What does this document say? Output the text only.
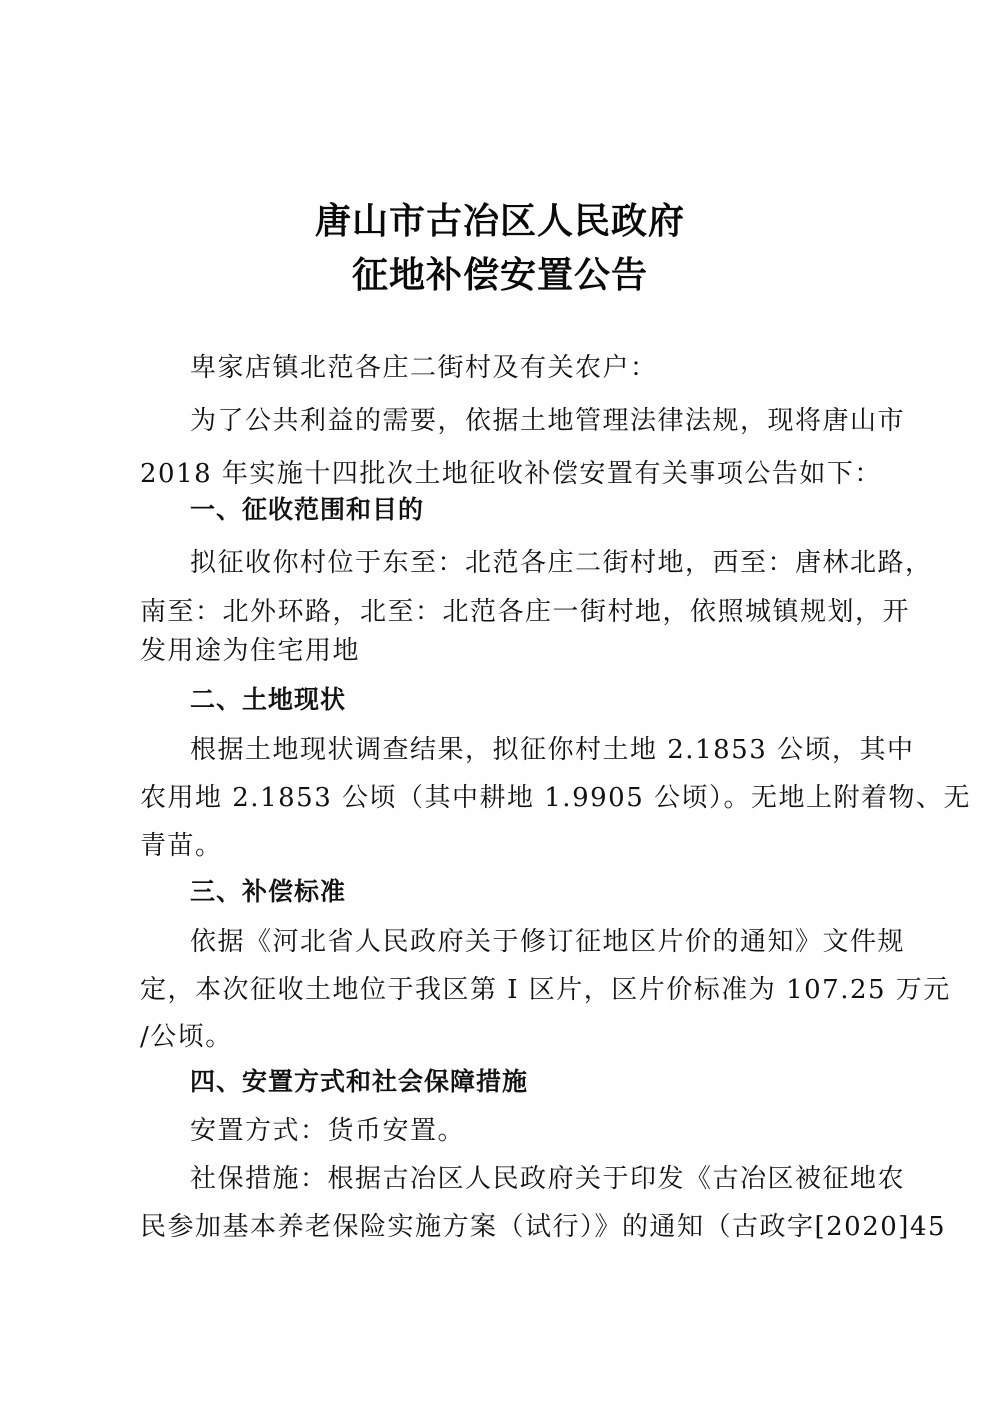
唐山市古冶区人民政府
征地补偿安置公告
卑家店镇北范各庄二街村及有关农户：
为了公共利益的需要，依据土地管理法律法规，现将唐山市
2018 年实施十四批次土地征收补偿安置有关事项公告如下：
一、征收范围和目的
拟征收你村位于东至：北范各庄二街村地，西至：唐林北路，
南至：北外环路，北至：北范各庄一街村地，依照城镇规划，开
发用途为住宅用地
二、土地现状
根据土地现状调查结果，拟征你村土地 2.1853 公顷，其中
农用地 2.1853 公顷（其中耕地 1.9905 公顷）。无地上附着物、无
青苗。
三、补偿标准
依据《河北省人民政府关于修订征地区片价的通知》文件规
定，本次征收土地位于我区第 I 区片，区片价标准为 107.25 万元
/公顷。
四、安置方式和社会保障措施
安置方式：货币安置。
社保措施：根据古冶区人民政府关于印发《古冶区被征地农
民参加基本养老保险实施方案（试行）》的通知（古政字[2020]45
